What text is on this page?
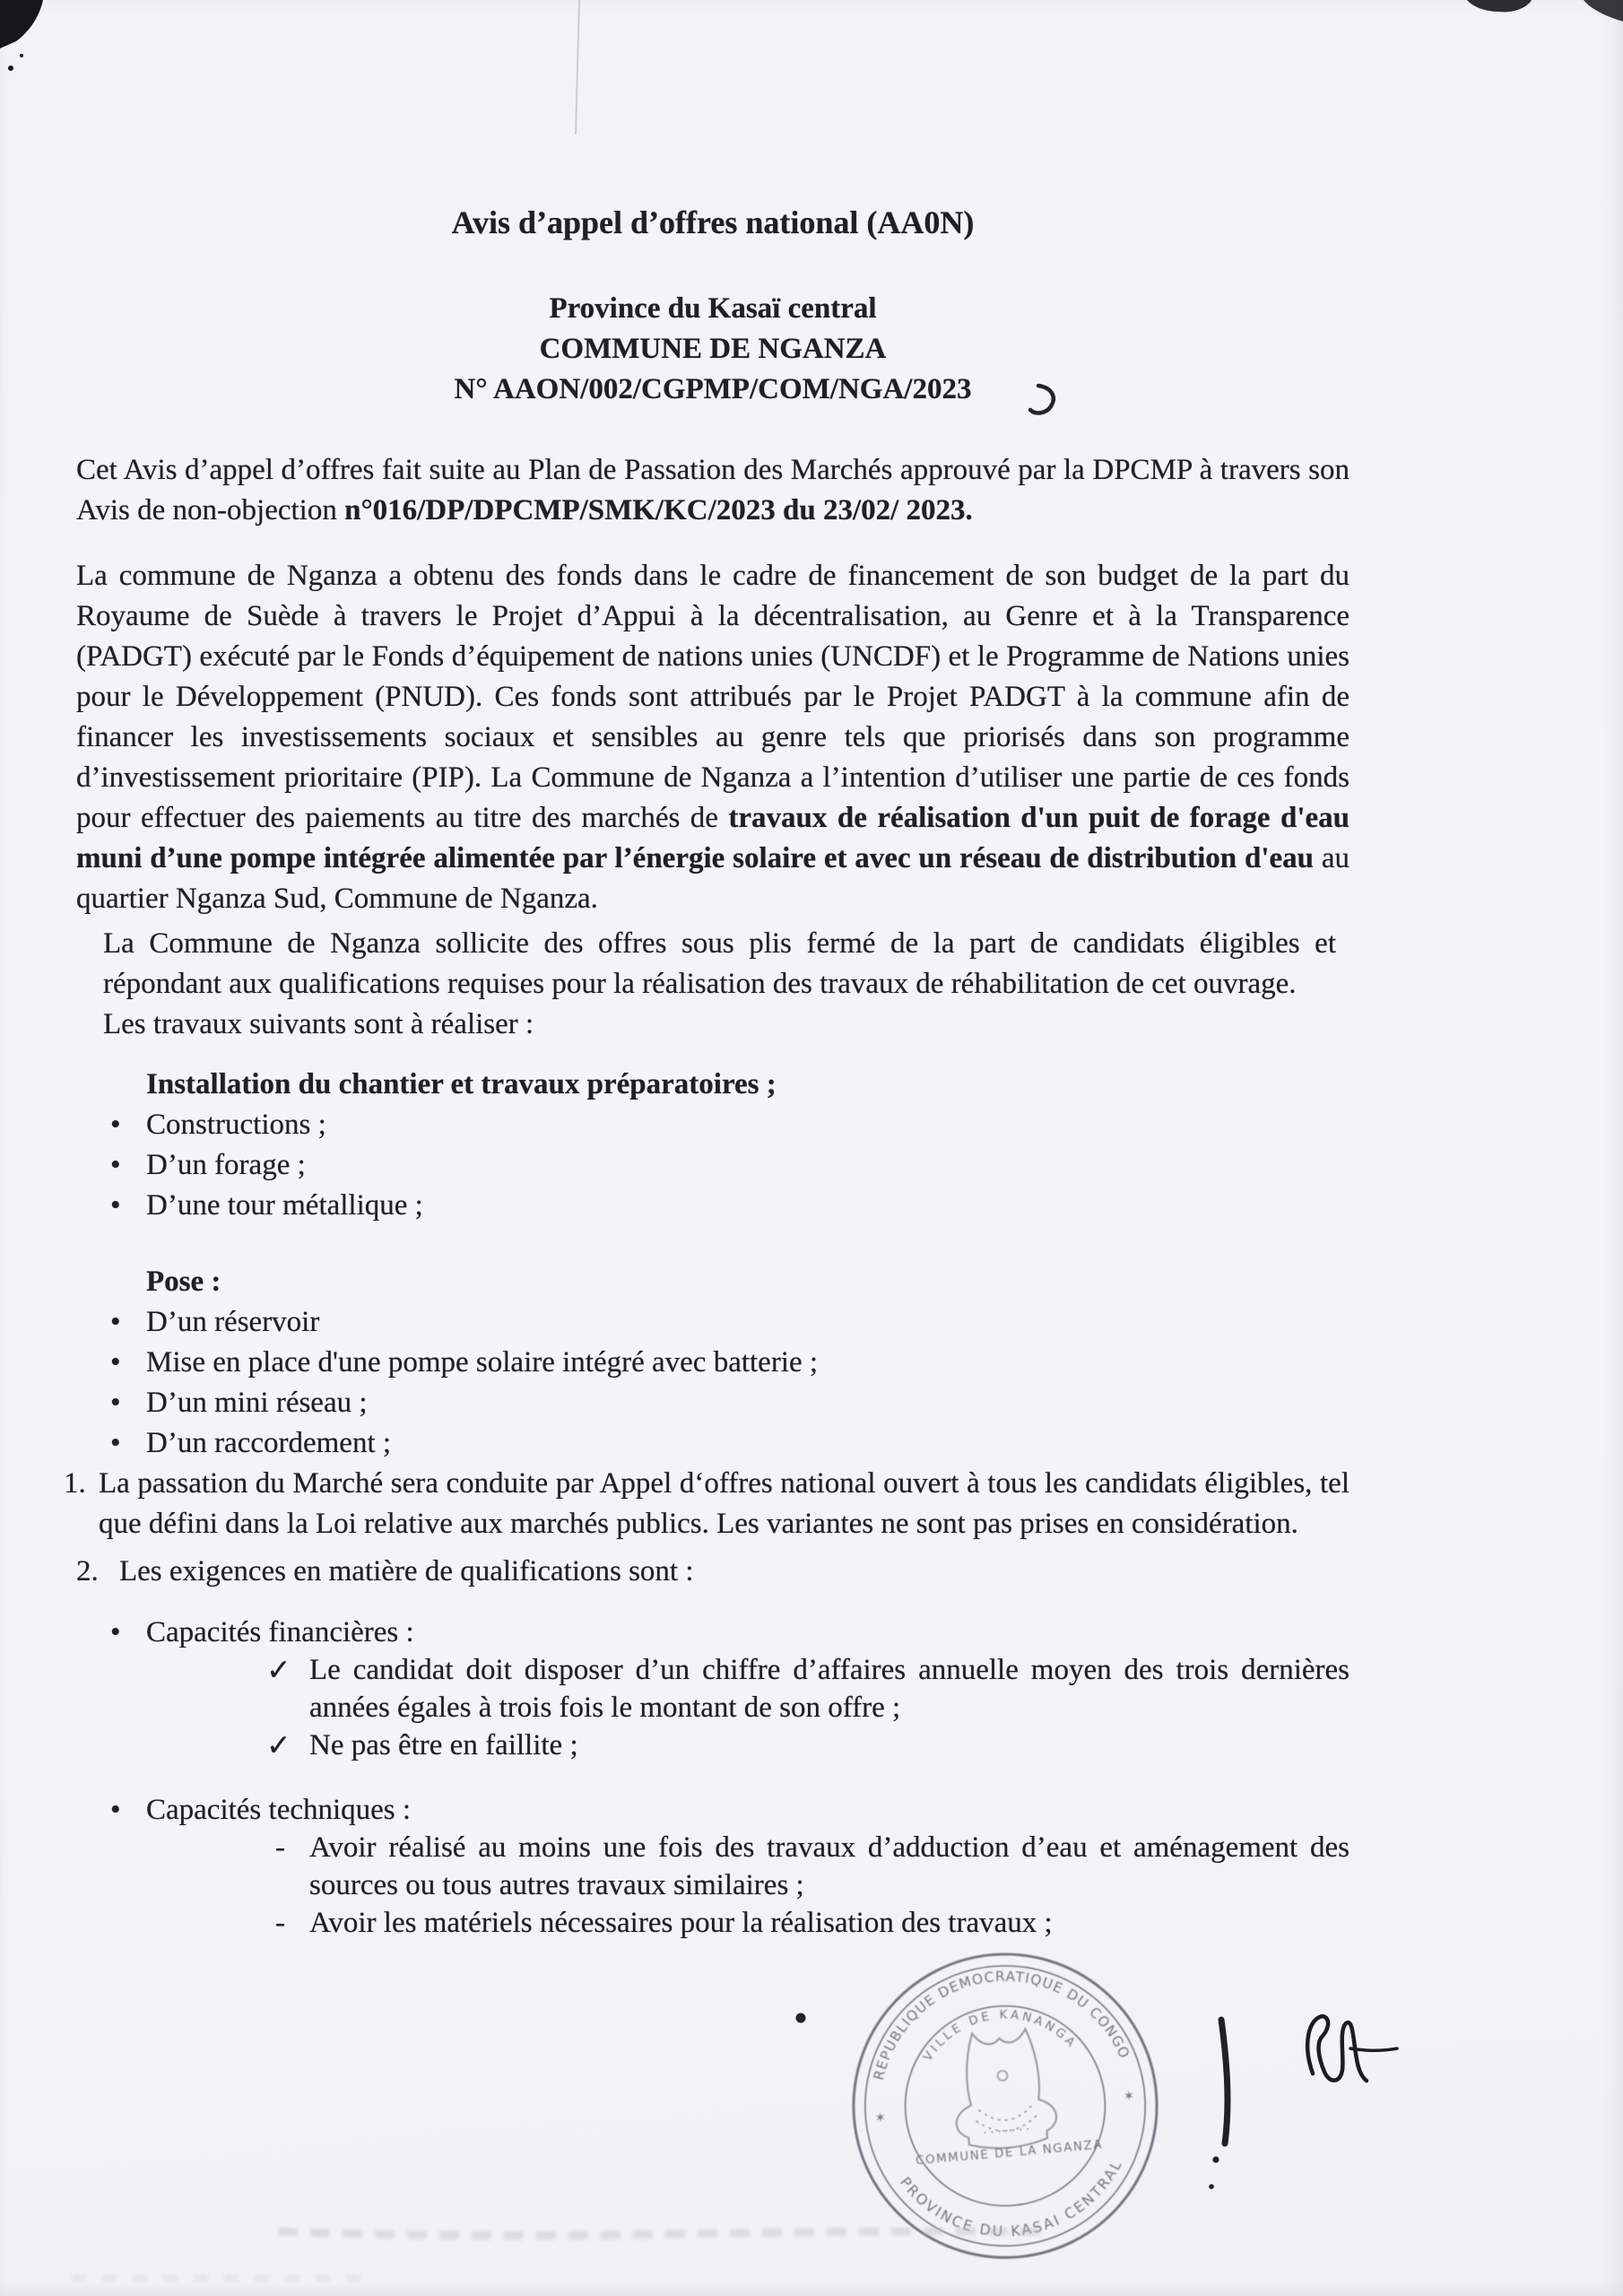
Avis d’appel d’offres national (AA0N)

Province du Kasaï central
COMMUNE DE NGANZA
N° AAON/002/CGPMP/COM/NGA/2023

Cet Avis d’appel d’offres fait suite au Plan de Passation des Marchés approuvé par la DPCMP à travers son Avis de non-objection n°016/DP/DPCMP/SMK/KC/2023 du 23/02/ 2023.

La commune de Nganza a obtenu des fonds dans le cadre de financement de son budget de la part du Royaume de Suède à travers le Projet d’Appui à la décentralisation, au Genre et à la Transparence (PADGT) exécuté par le Fonds d’équipement de nations unies (UNCDF) et le Programme de Nations unies pour le Développement (PNUD). Ces fonds sont attribués par le Projet PADGT à la commune afin de financer les investissements sociaux et sensibles au genre tels que priorisés dans son programme d’investissement prioritaire (PIP). La Commune de Nganza a l’intention d’utiliser une partie de ces fonds pour effectuer des paiements au titre des marchés de travaux de réalisation d'un puit de forage d'eau muni d’une pompe intégrée alimentée par l’énergie solaire et avec un réseau de distribution d'eau au quartier Nganza Sud, Commune de Nganza.

La Commune de Nganza sollicite des offres sous plis fermé de la part de candidats éligibles et répondant aux qualifications requises pour la réalisation des travaux de réhabilitation de cet ouvrage.

Les travaux suivants sont à réaliser :

Installation du chantier et travaux préparatoires ;
• Constructions ;
• D’un forage ;
• D’une tour métallique ;
Pose :
• D’un réservoir
• Mise en place d'une pompe solaire intégré avec batterie ;
• D’un mini réseau ;
• D’un raccordement ;
1. La passation du Marché sera conduite par Appel d‘offres national ouvert à tous les candidats éligibles, tel que défini dans la Loi relative aux marchés publics. Les variantes ne sont pas prises en considération.
2. Les exigences en matière de qualifications sont :
• Capacités financières :
✓ Le candidat doit disposer d’un chiffre d’affaires annuelle moyen des trois dernières années égales à trois fois le montant de son offre ;
✓ Ne pas être en faillite ;
• Capacités techniques :
- Avoir réalisé au moins une fois des travaux d’adduction d’eau et aménagement des sources ou tous autres travaux similaires ;
- Avoir les matériels nécessaires pour la réalisation des travaux ;
REPUBLIQUE DEMOCRATIQUE DU CONGO
PROVINCE DU KASAI CENTRAL
VILLE DE KANANGA
✶
✶
COMMUNE DE LA NGANZA
